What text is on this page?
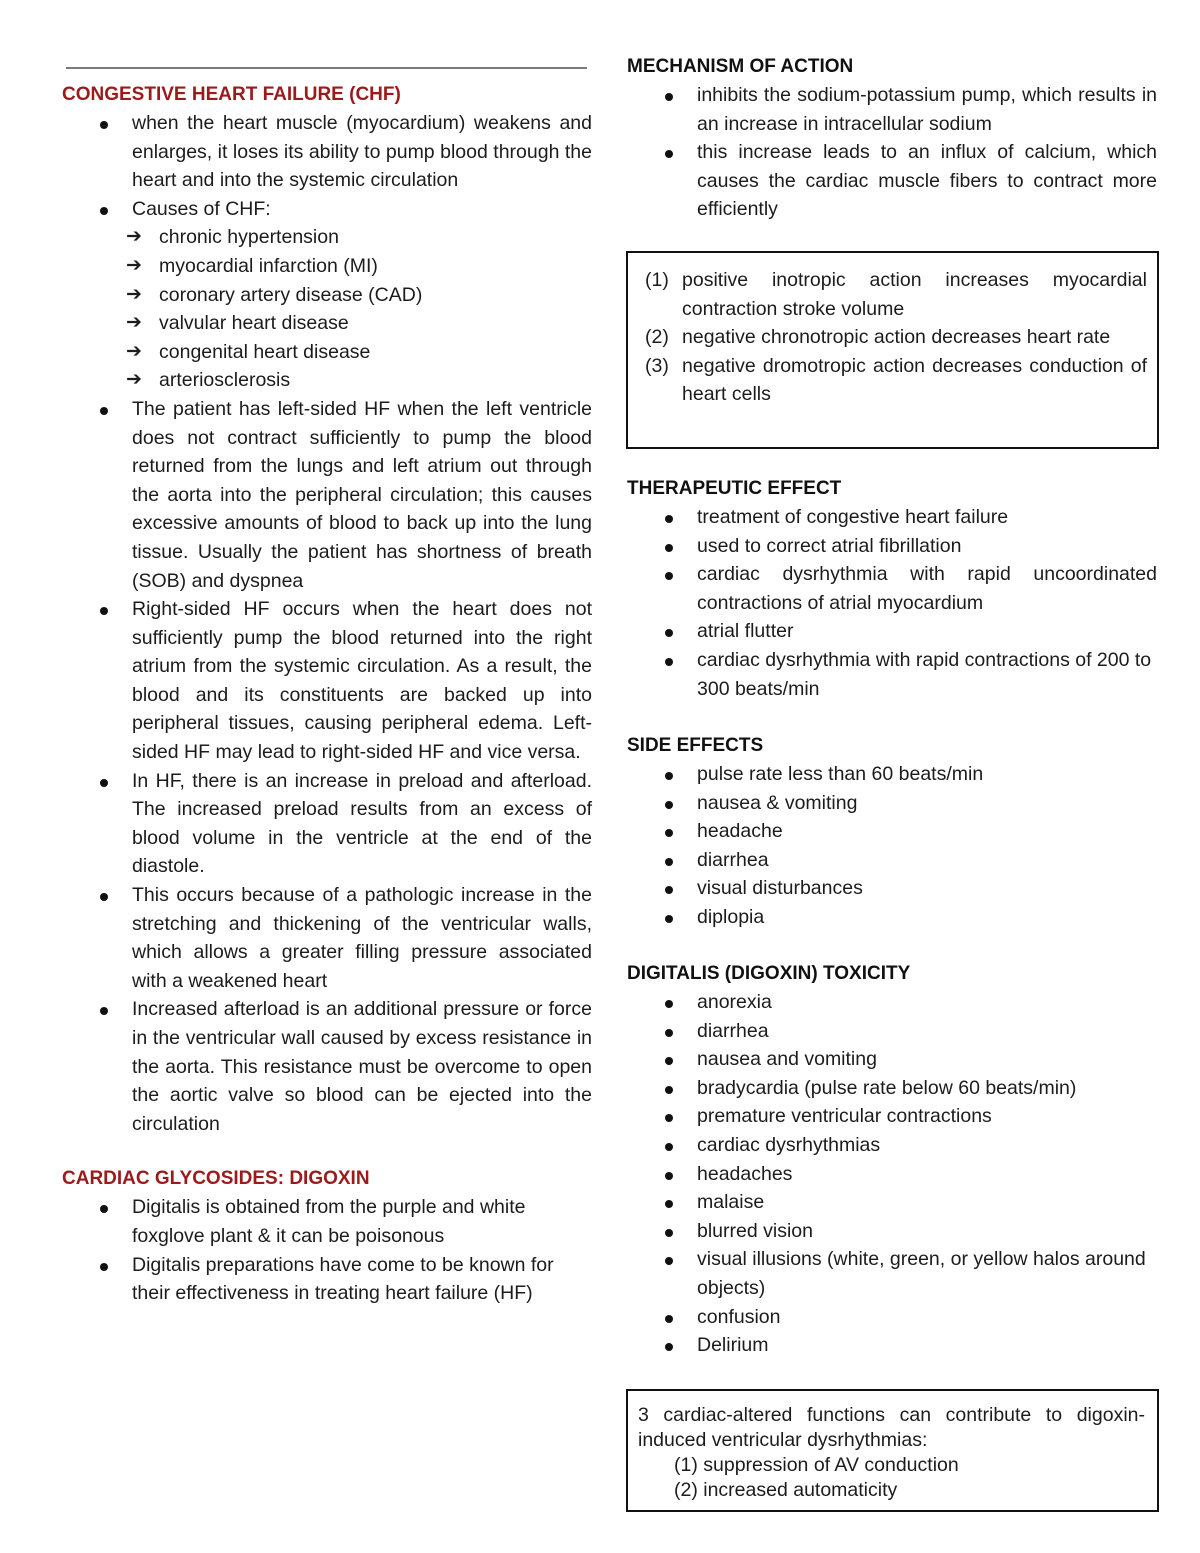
CONGESTIVE HEART FAILURE (CHF)
when the heart muscle (myocardium) weakens and enlarges, it loses its ability to pump blood through the heart and into the systemic circulation
Causes of CHF:
➔ chronic hypertension
➔ myocardial infarction (MI)
➔ coronary artery disease (CAD)
➔ valvular heart disease
➔ congenital heart disease
➔ arteriosclerosis
The patient has left-sided HF when the left ventricle does not contract sufficiently to pump the blood returned from the lungs and left atrium out through the aorta into the peripheral circulation; this causes excessive amounts of blood to back up into the lung tissue. Usually the patient has shortness of breath (SOB) and dyspnea
Right-sided HF occurs when the heart does not sufficiently pump the blood returned into the right atrium from the systemic circulation. As a result, the blood and its constituents are backed up into peripheral tissues, causing peripheral edema. Left-sided HF may lead to right-sided HF and vice versa.
In HF, there is an increase in preload and afterload. The increased preload results from an excess of blood volume in the ventricle at the end of the diastole.
This occurs because of a pathologic increase in the stretching and thickening of the ventricular walls, which allows a greater filling pressure associated with a weakened heart
Increased afterload is an additional pressure or force in the ventricular wall caused by excess resistance in the aorta. This resistance must be overcome to open the aortic valve so blood can be ejected into the circulation
CARDIAC GLYCOSIDES: DIGOXIN
Digitalis is obtained from the purple and white foxglove plant & it can be poisonous
Digitalis preparations have come to be known for their effectiveness in treating heart failure (HF)
MECHANISM OF ACTION
inhibits the sodium-potassium pump, which results in an increase in intracellular sodium
this increase leads to an influx of calcium, which causes the cardiac muscle fibers to contract more efficiently
THERAPEUTIC EFFECT
treatment of congestive heart failure
used to correct atrial fibrillation
cardiac dysrhythmia with rapid uncoordinated contractions of atrial myocardium
atrial flutter
cardiac dysrhythmia with rapid contractions of 200 to 300 beats/min
SIDE EFFECTS
pulse rate less than 60 beats/min
nausea & vomiting
headache
diarrhea
visual disturbances
diplopia
DIGITALIS (DIGOXIN) TOXICITY
anorexia
diarrhea
nausea and vomiting
bradycardia (pulse rate below 60 beats/min)
premature ventricular contractions
cardiac dysrhythmias
headaches
malaise
blurred vision
visual illusions (white, green, or yellow halos around objects)
confusion
Delirium
(1) positive inotropic action increases myocardial contraction stroke volume
(2) negative chronotropic action decreases heart rate
(3) negative dromotropic action decreases conduction of heart cells
3 cardiac-altered functions can contribute to digoxin-induced ventricular dysrhythmias:
(1) suppression of AV conduction
(2) increased automaticity
